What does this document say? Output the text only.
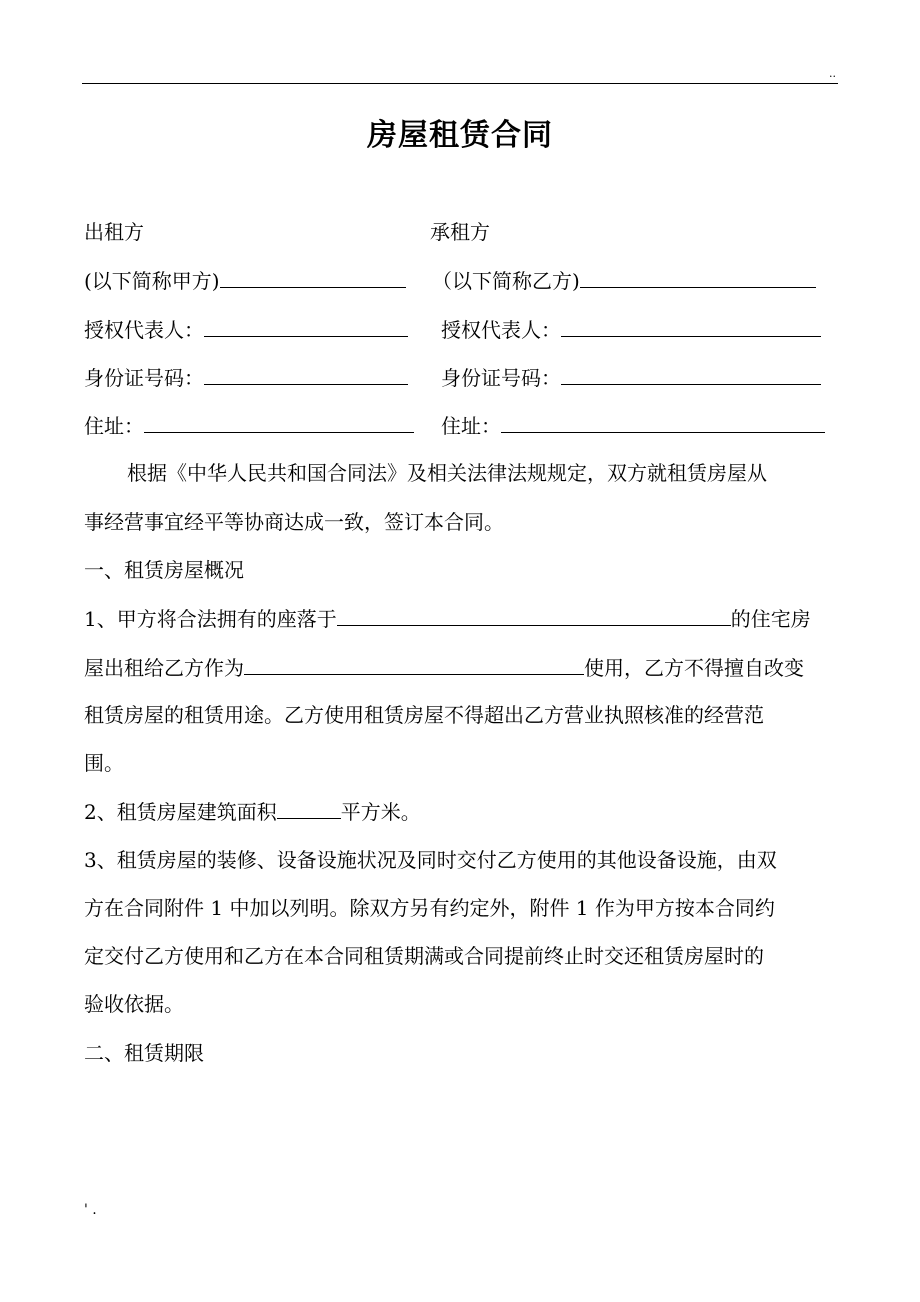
..
房屋租赁合同
出租方	承租方
(以下简称甲方)	（以下简称乙方)
授权代表人：	授权代表人：
身份证号码：	身份证号码：
住址：	住址：
根据《中华人民共和国合同法》及相关法律法规规定，双方就租赁房屋从
事经营事宜经平等协商达成一致，签订本合同。
一、租赁房屋概况
1、甲方将合法拥有的座落于	的住宅房
屋出租给乙方作为	使用，乙方不得擅自改变
租赁房屋的租赁用途。乙方使用租赁房屋不得超出乙方营业执照核准的经营范
围。
2、租赁房屋建筑面积	平方米。
3、租赁房屋的装修、设备设施状况及同时交付乙方使用的其他设备设施，由双
方在合同附件 1 中加以列明。除双方另有约定外，附件 1 作为甲方按本合同约
定交付乙方使用和乙方在本合同租赁期满或合同提前终止时交还租赁房屋时的
验收依据。
二、租赁期限
' .
